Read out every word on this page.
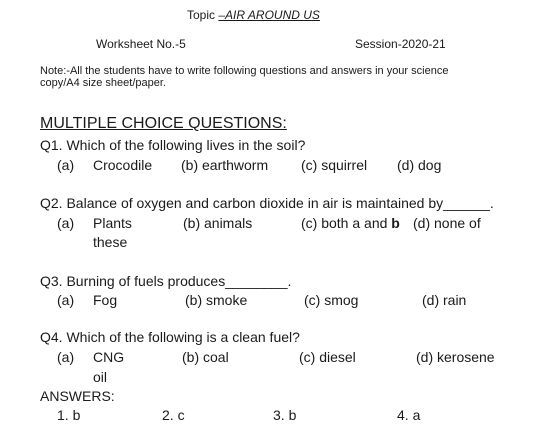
Topic –AIR AROUND US
Worksheet No.-5	Session-2020-21
Note:-All the students have to write following questions and answers in your science
copy/A4 size sheet/paper.
MULTIPLE CHOICE QUESTIONS:
Q1. Which of the following lives in the soil?
(a) Crocodile (b) earthworm (c) squirrel (d) dog
Q2. Balance of oxygen and carbon dioxide in air is maintained by______.
(a) Plants	(b) animals	(c) both a and b (d) none of
these
Q3. Burning of fuels produces________.
(a) Fog	(b) smoke	(c) smog	(d) rain
Q4. Which of the following is a clean fuel?
(a) CNG	(b) coal	(c) diesel	(d) kerosene
oil
ANSWERS:
1. b	2. c	3. b	4. a
